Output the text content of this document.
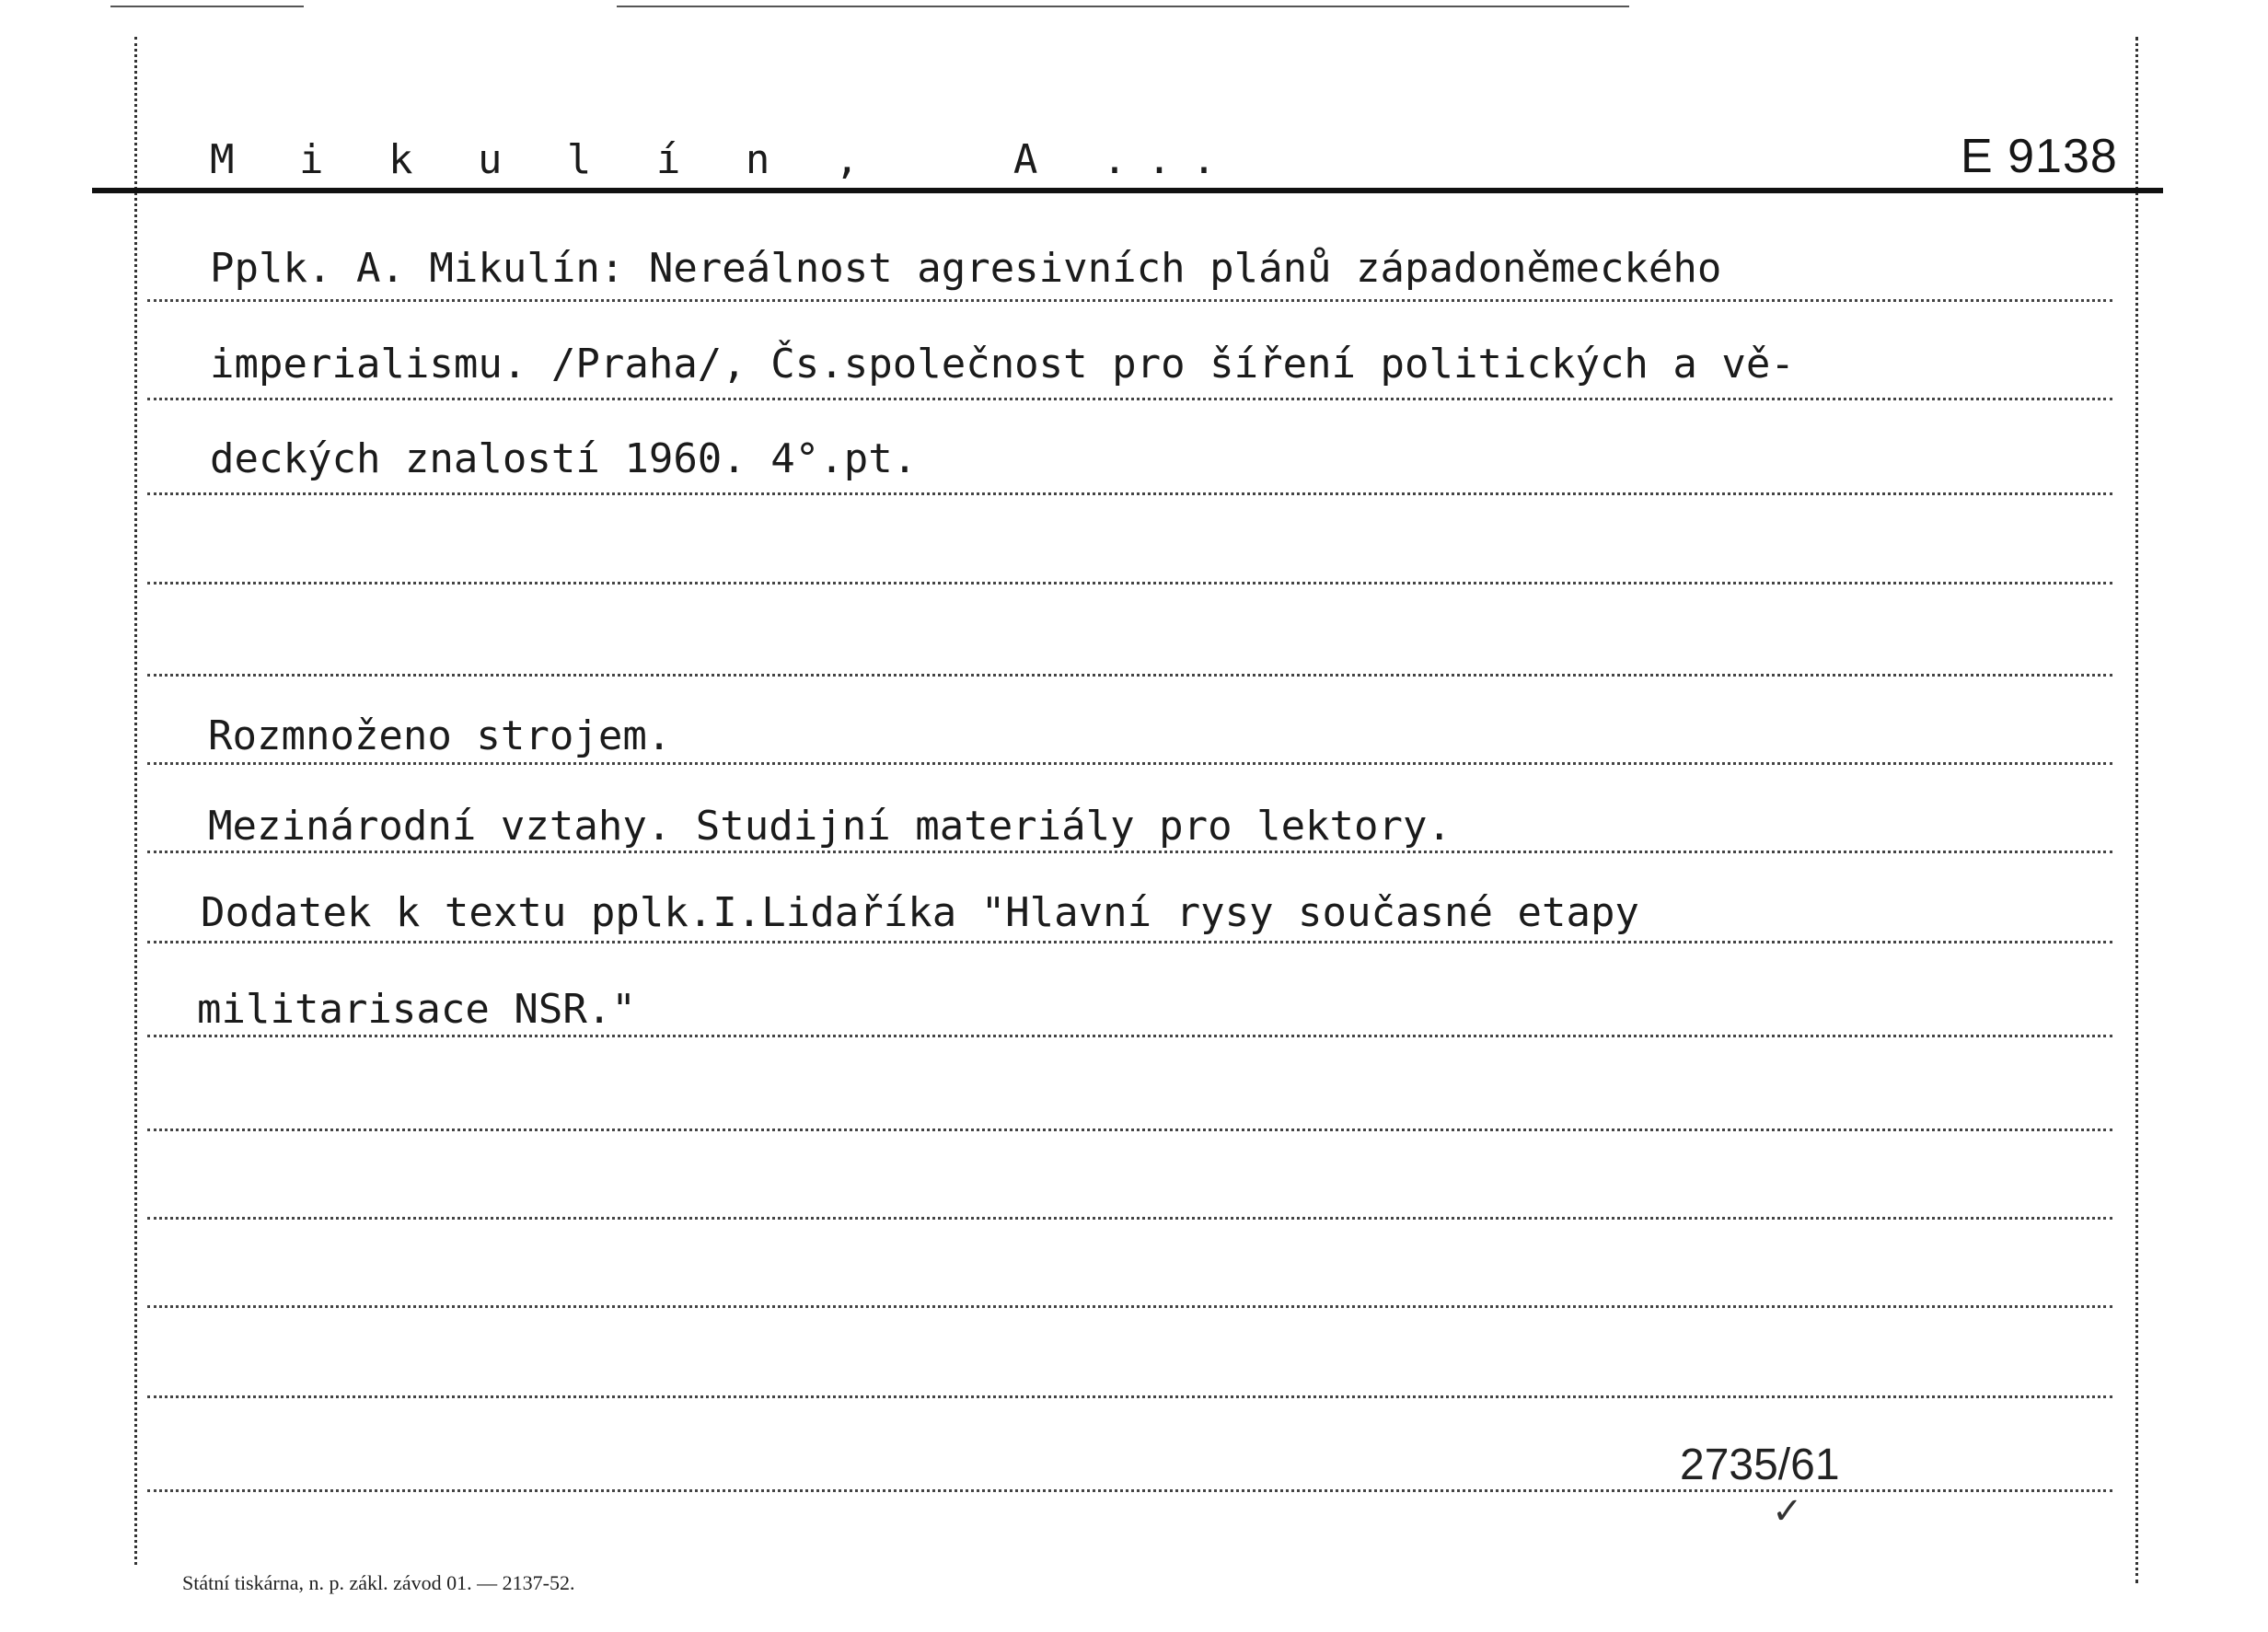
M i k u l í n ,   A ...	E 9138
Pplk. A. Mikulín: Nereálnost agresivních plánů západoněmeckého
imperialismu. /Praha/, Čs.společnost pro šíření politických a vě-
deckých znalostí 1960. 4°.pt.
Rozmnoženo strojem.
Mezinárodní vztahy. Studijní materiály pro lektory.
Dodatek k textu pplk.I.Lidaříka "Hlavní rysy současné etapy
militarisace NSR."
2735/61
✓
Státní tiskárna, n. p. zákl. závod 01. — 2137-52.
